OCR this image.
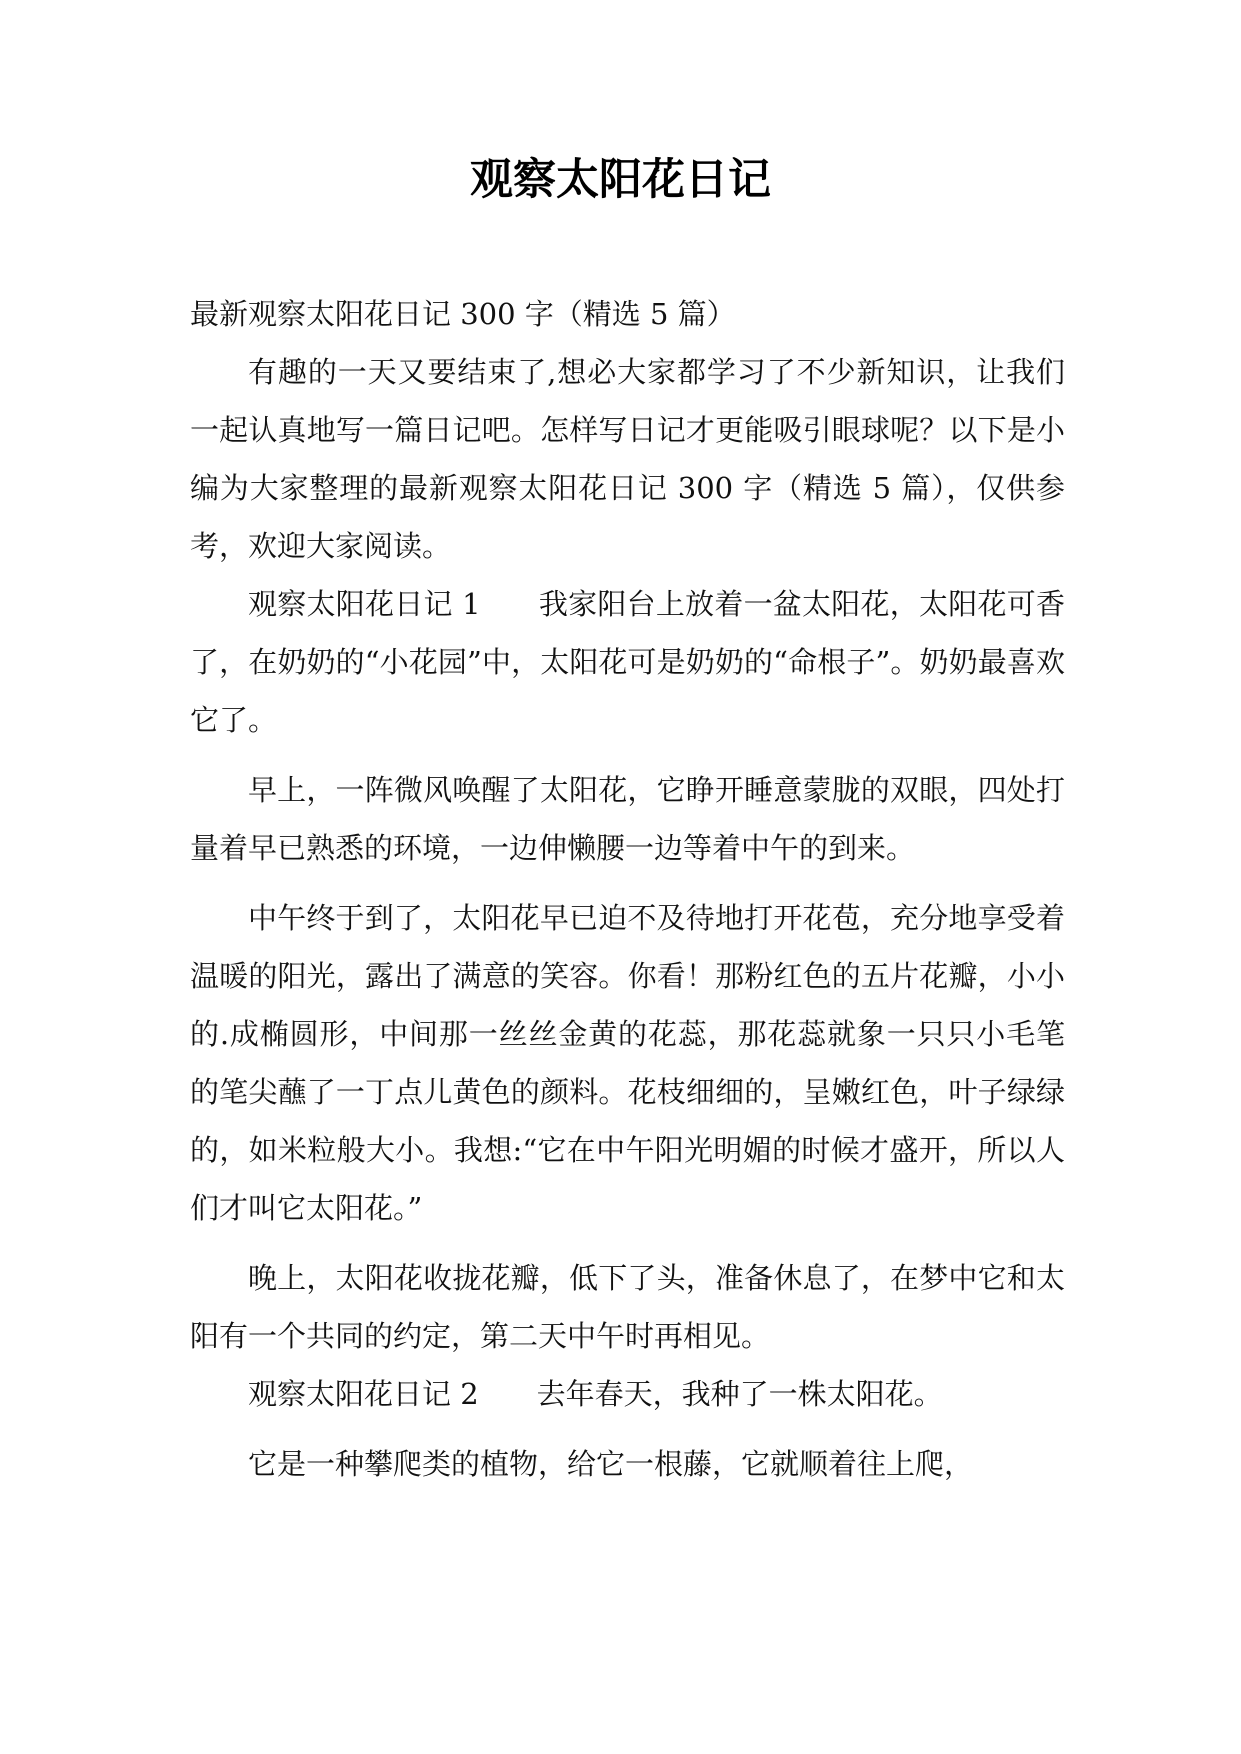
观察太阳花日记

最新观察太阳花日记 300 字（精选 5 篇）

有趣的一天又要结束了,想必大家都学习了不少新知识，让我们一起认真地写一篇日记吧。怎样写日记才更能吸引眼球呢？以下是小编为大家整理的最新观察太阳花日记 300 字（精选 5 篇），仅供参考，欢迎大家阅读。

观察太阳花日记 1 我家阳台上放着一盆太阳花，太阳花可香了，在奶奶的“小花园”中，太阳花可是奶奶的“命根子”。奶奶最喜欢它了。

早上，一阵微风唤醒了太阳花，它睁开睡意蒙胧的双眼，四处打量着早已熟悉的环境，一边伸懒腰一边等着中午的到来。

中午终于到了，太阳花早已迫不及待地打开花苞，充分地享受着温暖的阳光，露出了满意的笑容。你看！那粉红色的五片花瓣，小小的.成椭圆形，中间那一丝丝金黄的花蕊，那花蕊就象一只只小毛笔的笔尖蘸了一丁点儿黄色的颜料。花枝细细的，呈嫩红色，叶子绿绿的，如米粒般大小。我想:“它在中午阳光明媚的时候才盛开，所以人们才叫它太阳花。”

晚上，太阳花收拢花瓣，低下了头，准备休息了，在梦中它和太阳有一个共同的约定，第二天中午时再相见。

观察太阳花日记 2 去年春天，我种了一株太阳花。

它是一种攀爬类的植物，给它一根藤，它就顺着往上爬，
